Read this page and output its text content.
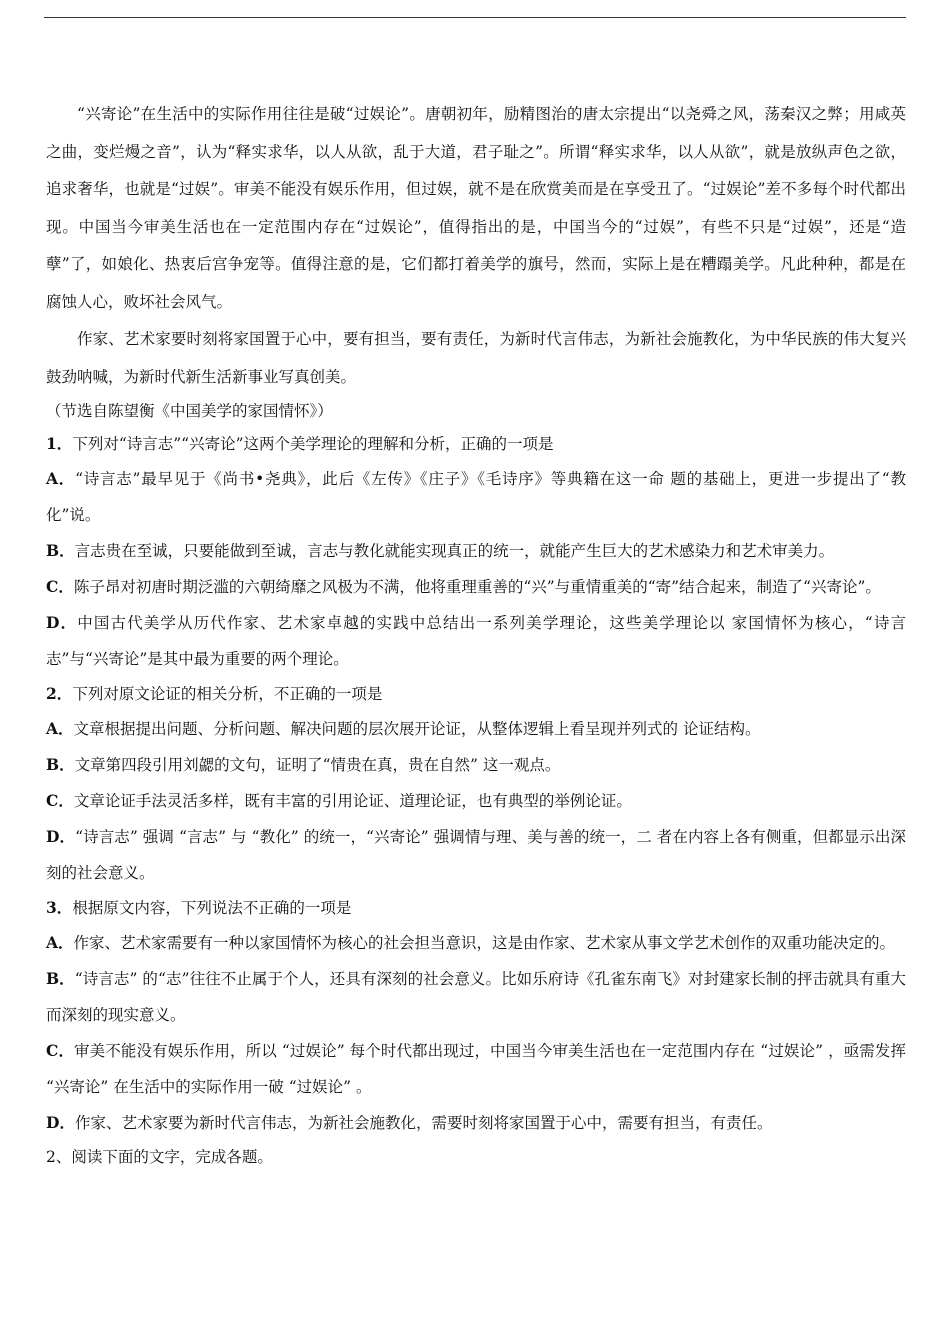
“兴寄论”在生活中的实际作用往往是破“过娱论”。唐朝初年，励精图治的唐太宗提出“以尧舜之风，荡秦汉之弊；用咸英之曲，变烂熳之音”，认为“释实求华，以人从欲，乱于大道，君子耻之”。所谓“释实求华，以人从欲”，就是放纵声色之欲，追求奢华，也就是“过娱”。审美不能没有娱乐作用，但过娱，就不是在欣赏美而是在享受丑了。“过娱论”差不多每个时代都出现。中国当今审美生活也在一定范围内存在“过娱论”，值得指出的是，中国当今的“过娱”，有些不只是“过娱”，还是“造孽”了，如娘化、热衷后宫争宠等。值得注意的是，它们都打着美学的旗号，然而，实际上是在糟蹋美学。凡此种种，都是在腐蚀人心，败坏社会风气。

作家、艺术家要时刻将家国置于心中，要有担当，要有责任，为新时代言伟志，为新社会施教化，为中华民族的伟大复兴鼓劲呐喊，为新时代新生活新事业写真创美。

（节选自陈望衡《中国美学的家国情怀》）

1．下列对“诗言志”“兴寄论”这两个美学理论的理解和分析，正确的一项是

A．“诗言志”最早见于《尚书•尧典》，此后《左传》《庄子》《毛诗序》等典籍在这一命 题的基础上，更进一步提出了“教化”说。

B．言志贵在至诚，只要能做到至诚，言志与教化就能实现真正的统一，就能产生巨大的艺术感染力和艺术审美力。

C．陈子昂对初唐时期泛滥的六朝绮靡之风极为不满，他将重理重善的“兴”与重情重美的“寄”结合起来，制造了“兴寄论”。

D．中国古代美学从历代作家、艺术家卓越的实践中总结出一系列美学理论，这些美学理论以 家国情怀为核心，“诗言志”与“兴寄论”是其中最为重要的两个理论。

2．下列对原文论证的相关分析，不正确的一项是

A．文章根据提出问题、分析问题、解决问题的层次展开论证，从整体逻辑上看呈现并列式的 论证结构。

B．文章第四段引用刘勰的文句，证明了“情贵在真，贵在自然” 这一观点。

C．文章论证手法灵活多样，既有丰富的引用论证、道理论证，也有典型的举例论证。

D．“诗言志” 强调 “言志” 与 “教化” 的统一，“兴寄论” 强调情与理、美与善的统一，二 者在内容上各有侧重，但都显示出深刻的社会意义。

3．根据原文内容，下列说法不正确的一项是

A．作家、艺术家需要有一种以家国情怀为核心的社会担当意识，这是由作家、艺术家从事文学艺术创作的双重功能决定的。

B．“诗言志” 的“志”往往不止属于个人，还具有深刻的社会意义。比如乐府诗《孔雀东南飞》对封建家长制的抨击就具有重大而深刻的现实意义。

C．审美不能没有娱乐作用，所以 “过娱论” 每个时代都出现过，中国当今审美生活也在一定范围内存在 “过娱论” ，亟需发挥 “兴寄论” 在生活中的实际作用一破 “过娱论” 。

D．作家、艺术家要为新时代言伟志，为新社会施教化，需要时刻将家国置于心中，需要有担当，有责任。

2、阅读下面的文字，完成各题。
